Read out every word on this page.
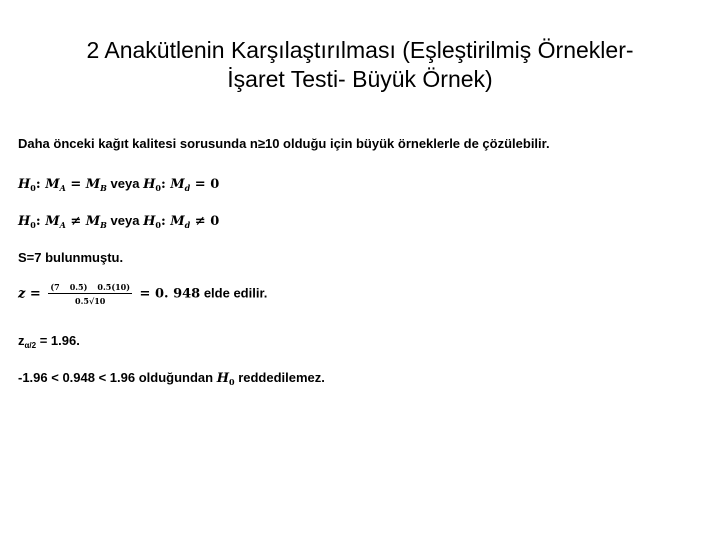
2 Anakütlenin Karşılaştırılması (Eşleştirilmiş Örnekler-
İşaret Testi- Büyük Örnek)
Daha önceki kağıt kalitesi sorusunda n≥10 olduğu için büyük örneklerle de çözülebilir.
$H_0$: $M_A = M_B$ veya $H_0$: $M_d = 0$
$H_0$: $M_A \ne M_B$ veya $H_0$: $M_d \ne 0$
S=7 bulunmuştu.
$z = \frac{(7 0.5) 0.5(10)}{0.5√10} = 0$. 948 elde edilir.
$z_{\alpha/2} = 1.96$.
-1.96 < 0.948 < 1.96 olduğundan $H_0$ reddedilemez.
